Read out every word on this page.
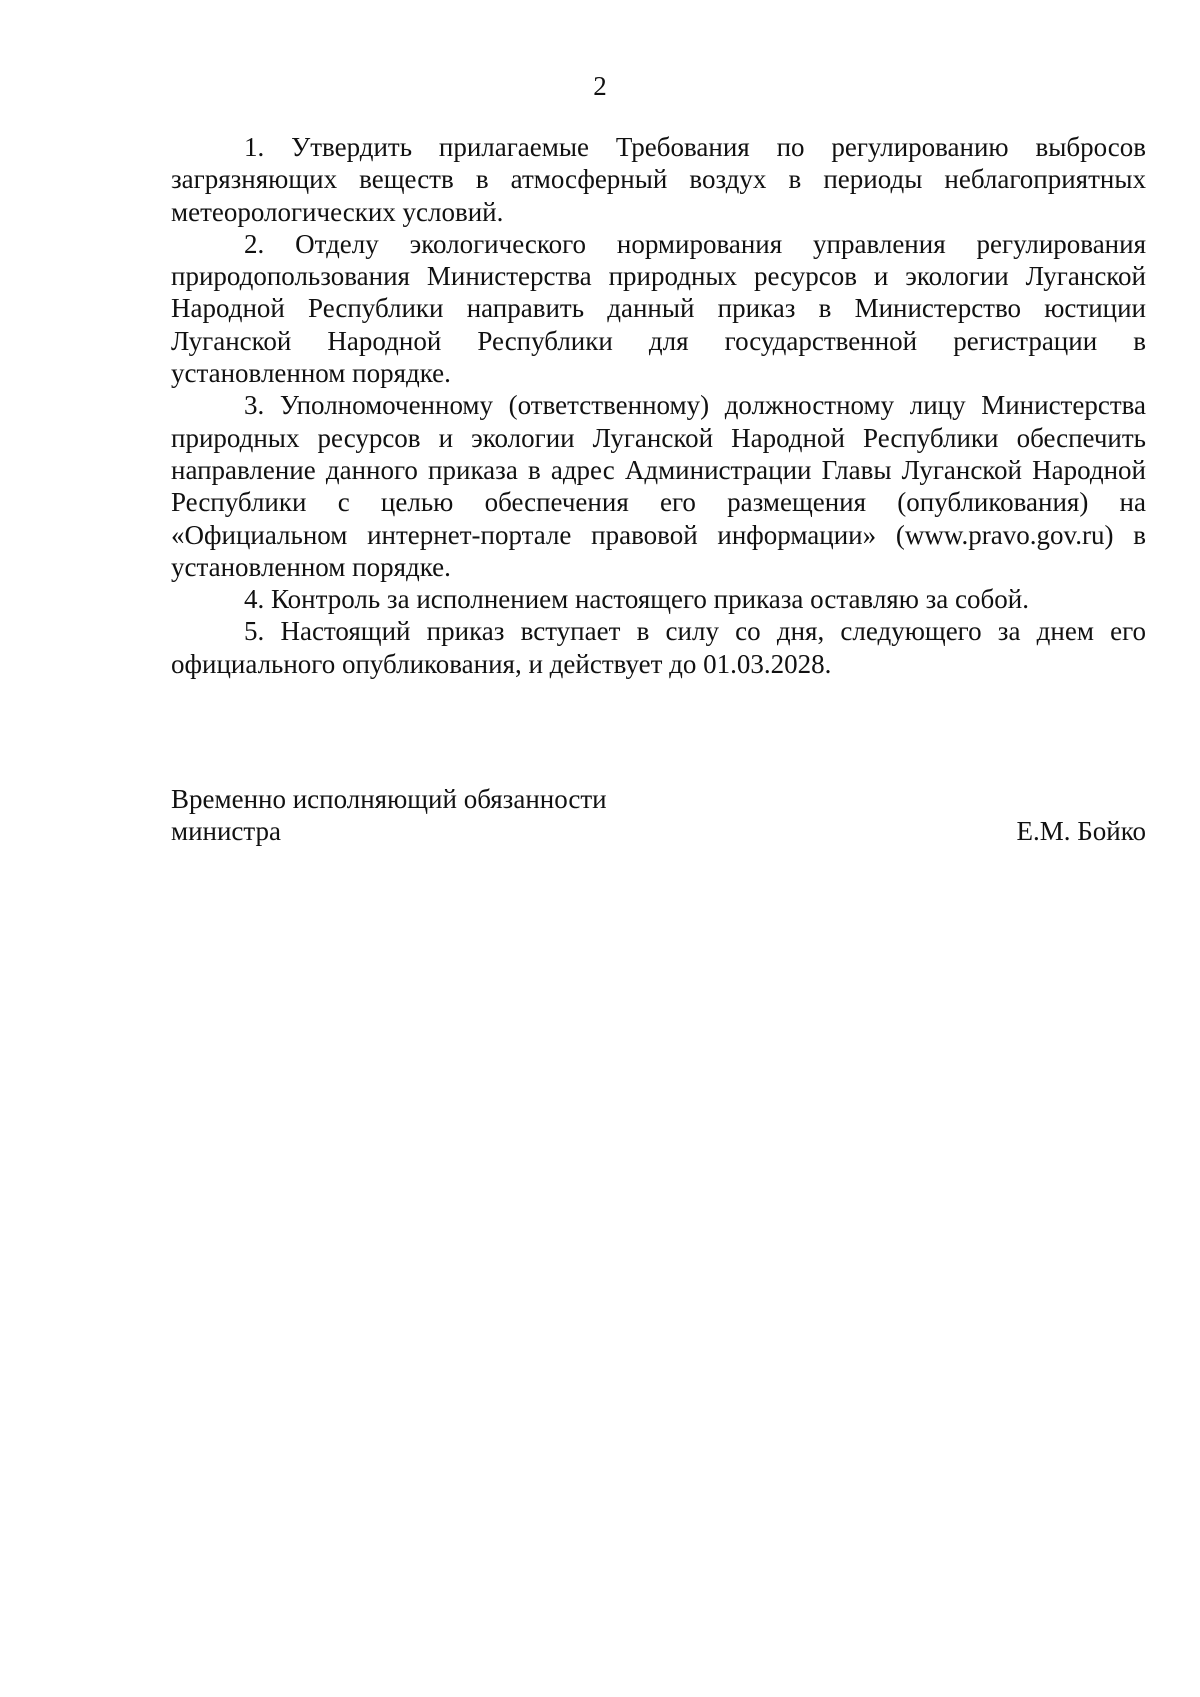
2

1. Утвердить прилагаемые Требования по регулированию выбросов загрязняющих веществ в атмосферный воздух в периоды неблагоприятных метеорологических условий.

2. Отделу экологического нормирования управления регулирования природопользования Министерства природных ресурсов и экологии Луганской Народной Республики направить данный приказ в Министерство юстиции Луганской Народной Республики для государственной регистрации в установленном порядке.

3. Уполномоченному (ответственному) должностному лицу Министерства природных ресурсов и экологии Луганской Народной Республики обеспечить направление данного приказа в адрес Администрации Главы Луганской Народной Республики с целью обеспечения его размещения (опубликования) на «Официальном интернет-портале правовой информации» (www.pravo.gov.ru) в установленном порядке.

4. Контроль за исполнением настоящего приказа оставляю за собой.

5. Настоящий приказ вступает в силу со дня, следующего за днем его официального опубликования, и действует до 01.03.2028.

Временно исполняющий обязанности
министра	Е.М. Бойко
